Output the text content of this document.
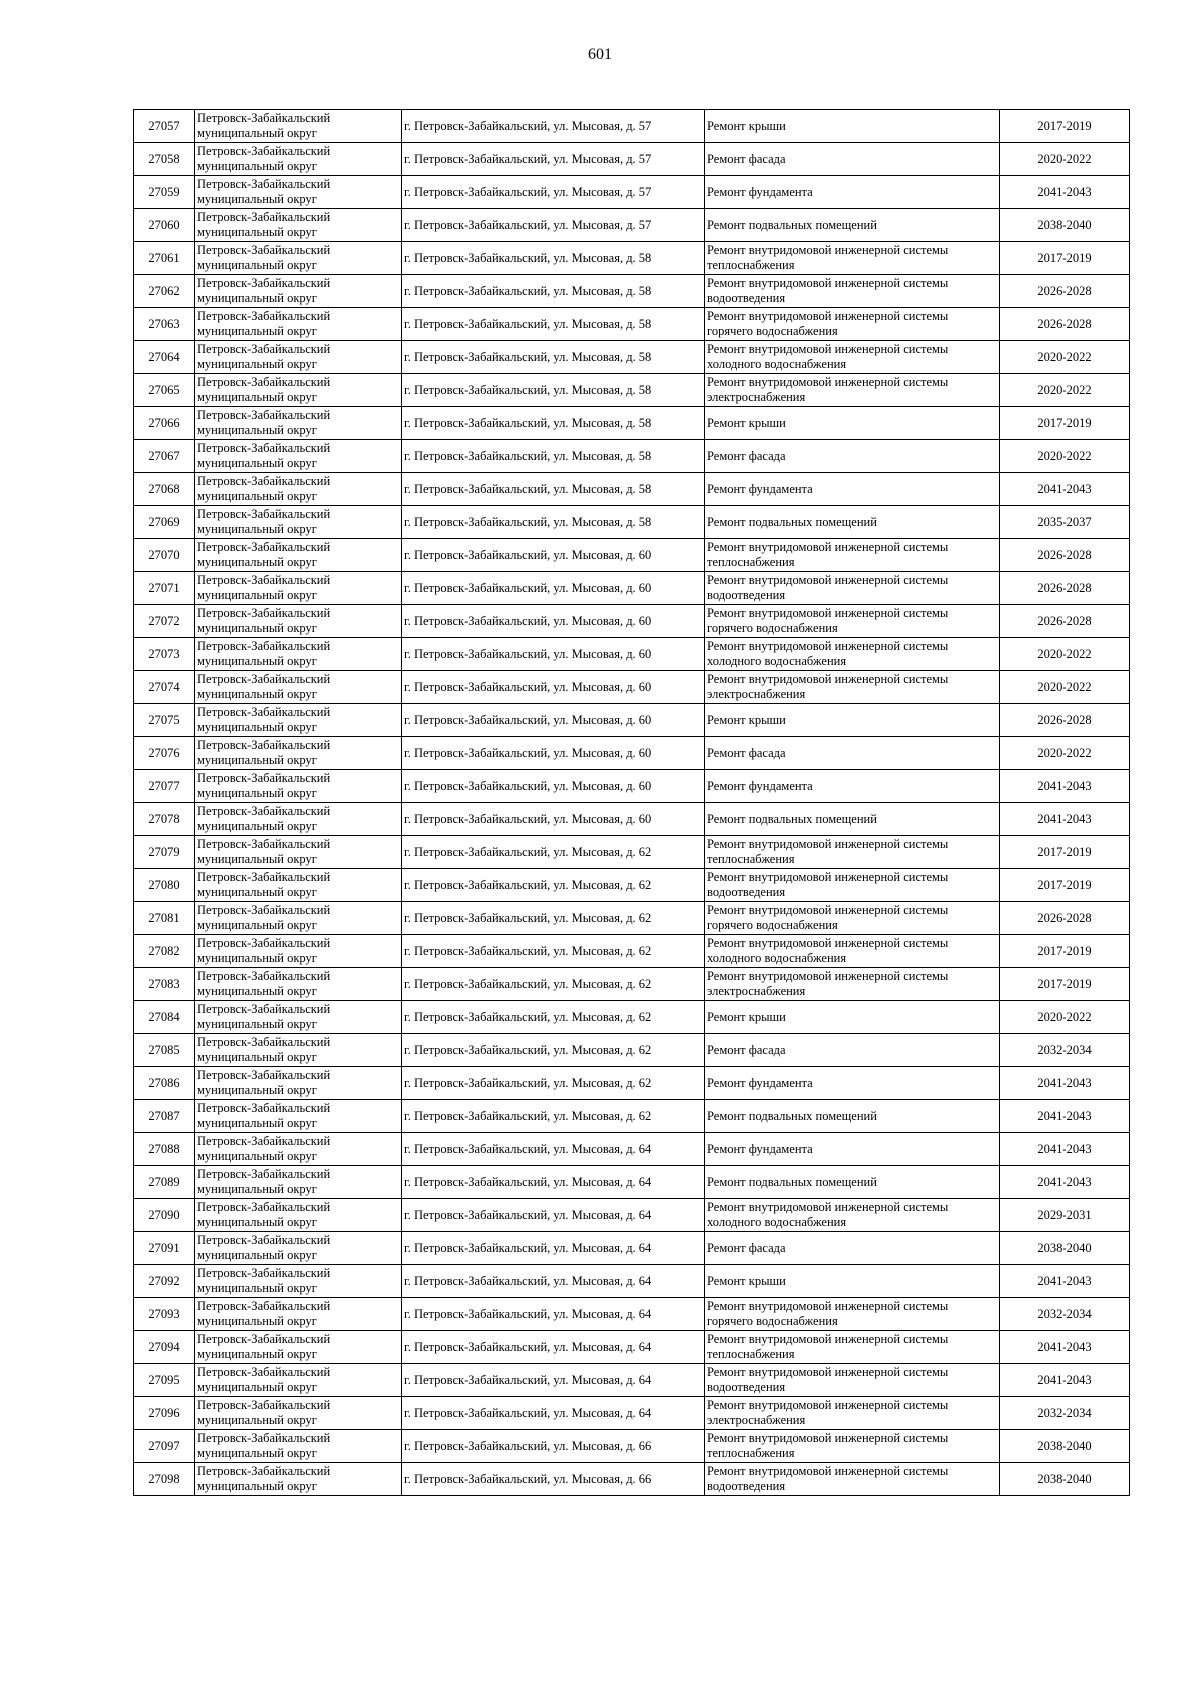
601
27057	Петровск-Забайкальский муниципальный округ	г. Петровск-Забайкальский, ул. Мысовая, д. 57	Ремонт крыши	2017-2019
27058	Петровск-Забайкальский муниципальный округ	г. Петровск-Забайкальский, ул. Мысовая, д. 57	Ремонт фасада	2020-2022
27059	Петровск-Забайкальский муниципальный округ	г. Петровск-Забайкальский, ул. Мысовая, д. 57	Ремонт фундамента	2041-2043
27060	Петровск-Забайкальский муниципальный округ	г. Петровск-Забайкальский, ул. Мысовая, д. 57	Ремонт подвальных помещений	2038-2040
27061	Петровск-Забайкальский муниципальный округ	г. Петровск-Забайкальский, ул. Мысовая, д. 58	Ремонт внутридомовой инженерной системы теплоснабжения	2017-2019
27062	Петровск-Забайкальский муниципальный округ	г. Петровск-Забайкальский, ул. Мысовая, д. 58	Ремонт внутридомовой инженерной системы водоотведения	2026-2028
27063	Петровск-Забайкальский муниципальный округ	г. Петровск-Забайкальский, ул. Мысовая, д. 58	Ремонт внутридомовой инженерной системы горячего водоснабжения	2026-2028
27064	Петровск-Забайкальский муниципальный округ	г. Петровск-Забайкальский, ул. Мысовая, д. 58	Ремонт внутридомовой инженерной системы холодного водоснабжения	2020-2022
27065	Петровск-Забайкальский муниципальный округ	г. Петровск-Забайкальский, ул. Мысовая, д. 58	Ремонт внутридомовой инженерной системы электроснабжения	2020-2022
27066	Петровск-Забайкальский муниципальный округ	г. Петровск-Забайкальский, ул. Мысовая, д. 58	Ремонт крыши	2017-2019
27067	Петровск-Забайкальский муниципальный округ	г. Петровск-Забайкальский, ул. Мысовая, д. 58	Ремонт фасада	2020-2022
27068	Петровск-Забайкальский муниципальный округ	г. Петровск-Забайкальский, ул. Мысовая, д. 58	Ремонт фундамента	2041-2043
27069	Петровск-Забайкальский муниципальный округ	г. Петровск-Забайкальский, ул. Мысовая, д. 58	Ремонт подвальных помещений	2035-2037
27070	Петровск-Забайкальский муниципальный округ	г. Петровск-Забайкальский, ул. Мысовая, д. 60	Ремонт внутридомовой инженерной системы теплоснабжения	2026-2028
27071	Петровск-Забайкальский муниципальный округ	г. Петровск-Забайкальский, ул. Мысовая, д. 60	Ремонт внутридомовой инженерной системы водоотведения	2026-2028
27072	Петровск-Забайкальский муниципальный округ	г. Петровск-Забайкальский, ул. Мысовая, д. 60	Ремонт внутридомовой инженерной системы горячего водоснабжения	2026-2028
27073	Петровск-Забайкальский муниципальный округ	г. Петровск-Забайкальский, ул. Мысовая, д. 60	Ремонт внутридомовой инженерной системы холодного водоснабжения	2020-2022
27074	Петровск-Забайкальский муниципальный округ	г. Петровск-Забайкальский, ул. Мысовая, д. 60	Ремонт внутридомовой инженерной системы электроснабжения	2020-2022
27075	Петровск-Забайкальский муниципальный округ	г. Петровск-Забайкальский, ул. Мысовая, д. 60	Ремонт крыши	2026-2028
27076	Петровск-Забайкальский муниципальный округ	г. Петровск-Забайкальский, ул. Мысовая, д. 60	Ремонт фасада	2020-2022
27077	Петровск-Забайкальский муниципальный округ	г. Петровск-Забайкальский, ул. Мысовая, д. 60	Ремонт фундамента	2041-2043
27078	Петровск-Забайкальский муниципальный округ	г. Петровск-Забайкальский, ул. Мысовая, д. 60	Ремонт подвальных помещений	2041-2043
27079	Петровск-Забайкальский муниципальный округ	г. Петровск-Забайкальский, ул. Мысовая, д. 62	Ремонт внутридомовой инженерной системы теплоснабжения	2017-2019
27080	Петровск-Забайкальский муниципальный округ	г. Петровск-Забайкальский, ул. Мысовая, д. 62	Ремонт внутридомовой инженерной системы водоотведения	2017-2019
27081	Петровск-Забайкальский муниципальный округ	г. Петровск-Забайкальский, ул. Мысовая, д. 62	Ремонт внутридомовой инженерной системы горячего водоснабжения	2026-2028
27082	Петровск-Забайкальский муниципальный округ	г. Петровск-Забайкальский, ул. Мысовая, д. 62	Ремонт внутридомовой инженерной системы холодного водоснабжения	2017-2019
27083	Петровск-Забайкальский муниципальный округ	г. Петровск-Забайкальский, ул. Мысовая, д. 62	Ремонт внутридомовой инженерной системы электроснабжения	2017-2019
27084	Петровск-Забайкальский муниципальный округ	г. Петровск-Забайкальский, ул. Мысовая, д. 62	Ремонт крыши	2020-2022
27085	Петровск-Забайкальский муниципальный округ	г. Петровск-Забайкальский, ул. Мысовая, д. 62	Ремонт фасада	2032-2034
27086	Петровск-Забайкальский муниципальный округ	г. Петровск-Забайкальский, ул. Мысовая, д. 62	Ремонт фундамента	2041-2043
27087	Петровск-Забайкальский муниципальный округ	г. Петровск-Забайкальский, ул. Мысовая, д. 62	Ремонт подвальных помещений	2041-2043
27088	Петровск-Забайкальский муниципальный округ	г. Петровск-Забайкальский, ул. Мысовая, д. 64	Ремонт фундамента	2041-2043
27089	Петровск-Забайкальский муниципальный округ	г. Петровск-Забайкальский, ул. Мысовая, д. 64	Ремонт подвальных помещений	2041-2043
27090	Петровск-Забайкальский муниципальный округ	г. Петровск-Забайкальский, ул. Мысовая, д. 64	Ремонт внутридомовой инженерной системы холодного водоснабжения	2029-2031
27091	Петровск-Забайкальский муниципальный округ	г. Петровск-Забайкальский, ул. Мысовая, д. 64	Ремонт фасада	2038-2040
27092	Петровск-Забайкальский муниципальный округ	г. Петровск-Забайкальский, ул. Мысовая, д. 64	Ремонт крыши	2041-2043
27093	Петровск-Забайкальский муниципальный округ	г. Петровск-Забайкальский, ул. Мысовая, д. 64	Ремонт внутридомовой инженерной системы горячего водоснабжения	2032-2034
27094	Петровск-Забайкальский муниципальный округ	г. Петровск-Забайкальский, ул. Мысовая, д. 64	Ремонт внутридомовой инженерной системы теплоснабжения	2041-2043
27095	Петровск-Забайкальский муниципальный округ	г. Петровск-Забайкальский, ул. Мысовая, д. 64	Ремонт внутридомовой инженерной системы водоотведения	2041-2043
27096	Петровск-Забайкальский муниципальный округ	г. Петровск-Забайкальский, ул. Мысовая, д. 64	Ремонт внутридомовой инженерной системы электроснабжения	2032-2034
27097	Петровск-Забайкальский муниципальный округ	г. Петровск-Забайкальский, ул. Мысовая, д. 66	Ремонт внутридомовой инженерной системы теплоснабжения	2038-2040
27098	Петровск-Забайкальский муниципальный округ	г. Петровск-Забайкальский, ул. Мысовая, д. 66	Ремонт внутридомовой инженерной системы водоотведения	2038-2040
